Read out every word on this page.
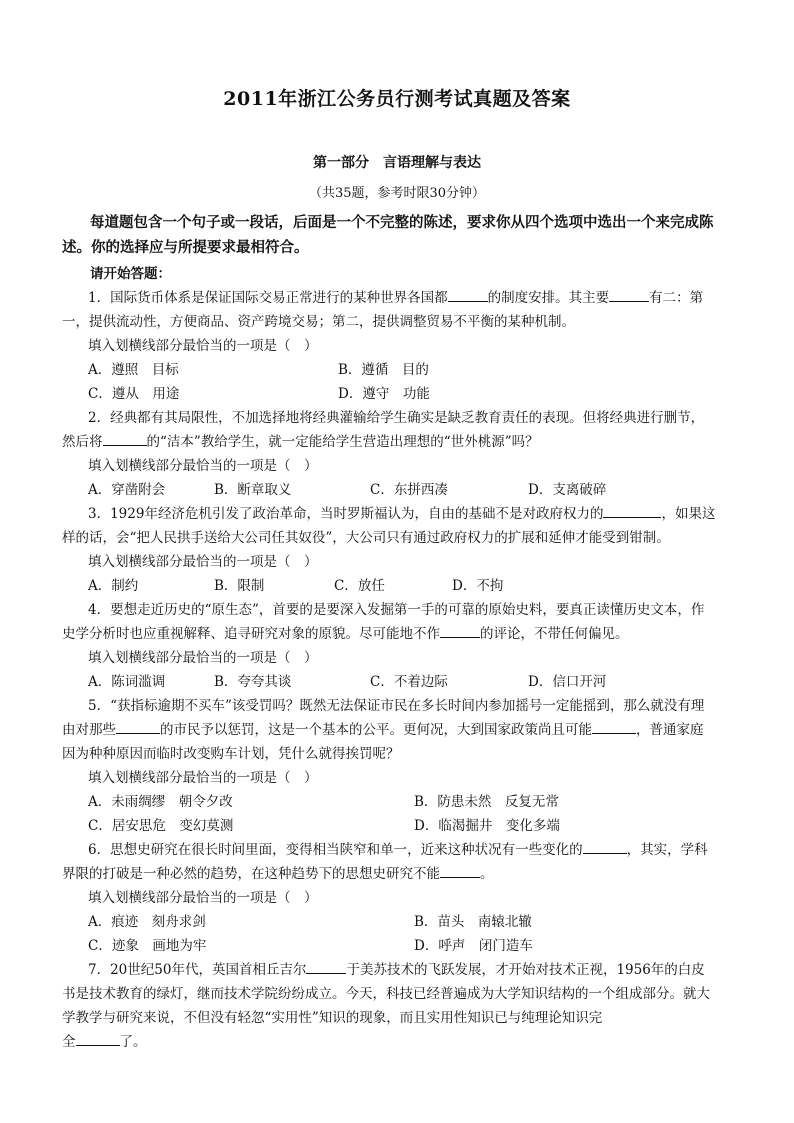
2011年浙江公务员行测考试真题及答案
第一部分 言语理解与表达
（共35题，参考时限30分钟）
每道题包含一个句子或一段话，后面是一个不完整的陈述，要求你从四个选项中选出一个来完成陈述。你的选择应与所提要求最相符合。
请开始答题：
1．国际货币体系是保证国际交易正常进行的某种世界各国都	的制度安排。其主要	有二：第
一，提供流动性，方便商品、资产跨境交易；第二，提供调整贸易不平衡的某种机制。
填入划横线部分最恰当的一项是（　）
A．遵照　目标	B．遵循　目的
C．遵从　用途	D．遵守　功能
2．经典都有其局限性，不加选择地将经典灌输给学生确实是缺乏教育责任的表现。但将经典进行删节，
然后将	的“洁本”教给学生，就一定能给学生营造出理想的“世外桃源”吗？
填入划横线部分最恰当的一项是（　）
A．穿凿附会	B．断章取义	C．东拼西凑	D．支离破碎
3．1929年经济危机引发了政治革命，当时罗斯福认为，自由的基础不是对政府权力的	，如果这
样的话，会“把人民拱手送给大公司任其奴役”，大公司只有通过政府权力的扩展和延伸才能受到钳制。
填入划横线部分最恰当的一项是（　）
A．制约	B．限制	C．放任	D．不拘
4．要想走近历史的“原生态”，首要的是要深入发掘第一手的可靠的原始史料，要真正读懂历史文本，作
史学分析时也应重视解释、追寻研究对象的原貌。尽可能地不作	的评论，不带任何偏见。
填入划横线部分最恰当的一项是（　）
A．陈词滥调	B．夸夸其谈	C．不着边际	D．信口开河
5．“获指标逾期不买车”该受罚吗？既然无法保证市民在多长时间内参加摇号一定能摇到，那么就没有理
由对那些	的市民予以惩罚，这是一个基本的公平。更何况，大到国家政策尚且可能	，普通家庭
因为种种原因而临时改变购车计划，凭什么就得挨罚呢？
填入划横线部分最恰当的一项是（　）
A．未雨绸缪　朝令夕改	B．防患未然　反复无常
C．居安思危　变幻莫测	D．临渴掘井　变化多端
6．思想史研究在很长时间里面，变得相当陕窄和单一，近来这种状况有一些变化的	，其实，学科
界限的打破是一种必然的趋势，在这种趋势下的思想史研究不能	。
填入划横线部分最恰当的一项是（　）
A．痕迹　刻舟求剑	B．苗头　南辕北辙
C．迹象　画地为牢	D．呼声　闭门造车
7．20世纪50年代，英国首相丘吉尔	于美苏技术的飞跃发展，才开始对技术正视，1956年的白皮
书是技术教育的绿灯，继而技术学院纷纷成立。今天，科技已经普遍成为大学知识结构的一个组成部分。就大
学教学与研究来说，不但没有轻忽“实用性”知识的现象，而且实用性知识已与纯理论知识完
全	了。
